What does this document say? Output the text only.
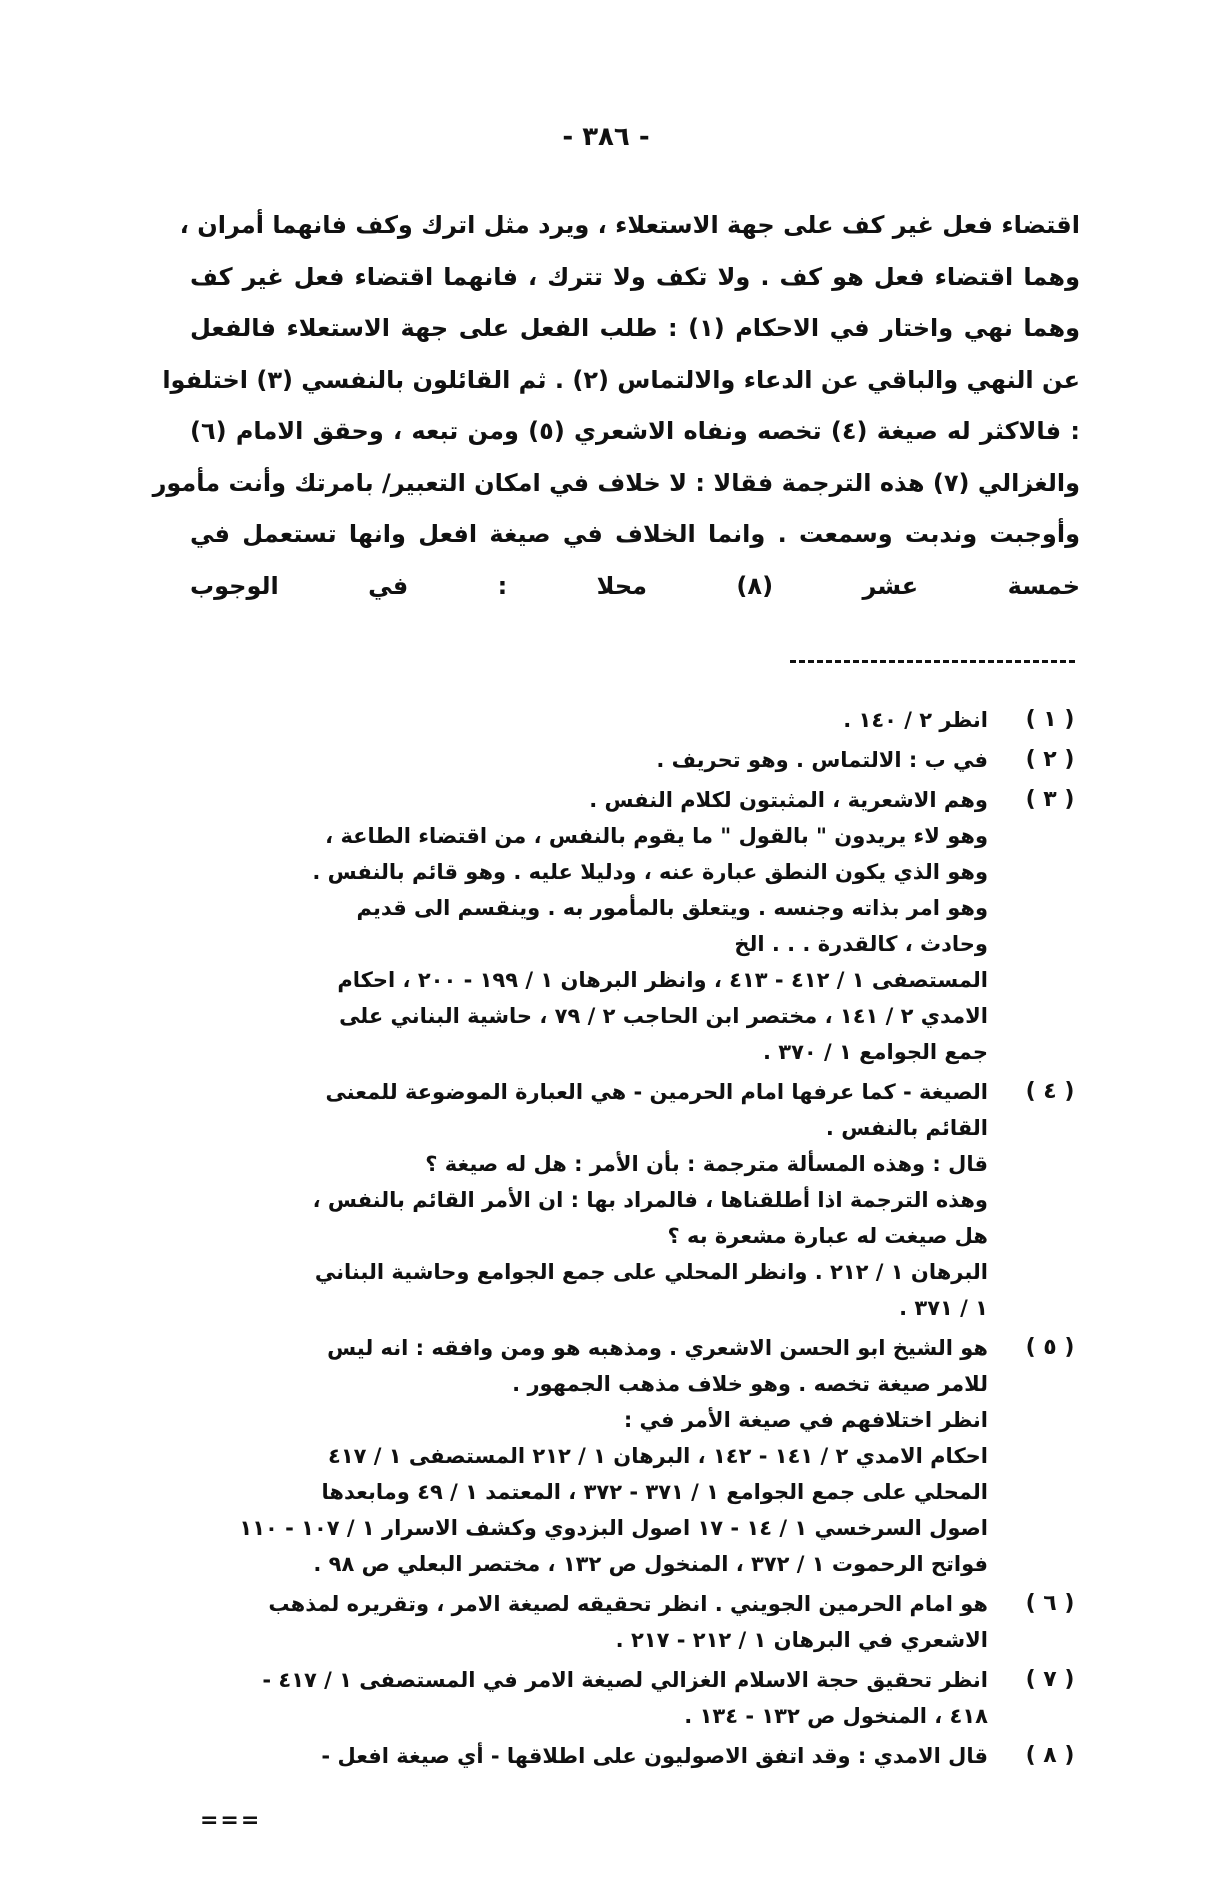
- ٣٨٦ -
اقتضاء فعل غير كف على جهة الاستعلاء ، ويرد مثل اترك وكف فانهما أمران ،
وهما اقتضاء فعل هو كف . ولا تكف ولا تترك ، فانهما اقتضاء فعل غير كف
وهما نهي واختار في الاحكام (١) : طلب الفعل على جهة الاستعلاء فالفعل
عن النهي والباقي عن الدعاء والالتماس (٢) . ثم القائلون بالنفسي (٣) اختلفوا
: فالاكثر له صيغة (٤) تخصه ونفاه الاشعري (٥) ومن تبعه ، وحقق الامام (٦)
والغزالي (٧) هذه الترجمة فقالا : لا خلاف في امكان التعبير/ بامرتك وأنت مأمور
وأوجبت وندبت وسمعت . وانما الخلاف في صيغة افعل وانها تستعمل في
خمسة عشر (٨) محلا : في الوجوب
( ١ )
انظر ٢ / ١٤٠ .
( ٢ )
في ب : الالتماس . وهو تحريف .
( ٣ )
وهم الاشعرية ، المثبتون لكلام النفس .
وهو لاء يريدون " بالقول " ما يقوم بالنفس ، من اقتضاء الطاعة ،
وهو الذي يكون النطق عبارة عنه ، ودليلا عليه . وهو قائم بالنفس .
وهو امر بذاته وجنسه . ويتعلق بالمأمور به . وينقسم الى قديم
وحادث ، كالقدرة . . . الخ
المستصفى ١ / ٤١٢ - ٤١٣ ، وانظر البرهان ١ / ١٩٩ - ٢٠٠ ، احكام
الامدي ٢ / ١٤١ ، مختصر ابن الحاجب ٢ / ٧٩ ، حاشية البناني على
جمع الجوامع ١ / ٣٧٠ .
( ٤ )
الصيغة - كما عرفها امام الحرمين - هي العبارة الموضوعة للمعنى
القائم بالنفس .
قال : وهذه المسألة مترجمة : بأن الأمر : هل له صيغة ؟
وهذه الترجمة اذا أطلقناها ، فالمراد بها : ان الأمر القائم بالنفس ،
هل صيغت له عبارة مشعرة به ؟
البرهان ١ / ٢١٢ . وانظر المحلي على جمع الجوامع وحاشية البناني
١ / ٣٧١ .
( ٥ )
هو الشيخ ابو الحسن الاشعري . ومذهبه هو ومن وافقه : انه ليس
للامر صيغة تخصه . وهو خلاف مذهب الجمهور .
انظر اختلافهم في صيغة الأمر في :
احكام الامدي ٢ / ١٤١ - ١٤٢ ، البرهان ١ / ٢١٢ المستصفى ١ / ٤١٧
المحلي على جمع الجوامع ١ / ٣٧١ - ٣٧٢ ، المعتمد ١ / ٤٩ ومابعدها
اصول السرخسي ١ / ١٤ - ١٧ اصول البزدوي وكشف الاسرار ١ / ١٠٧ - ١١٠
فواتح الرحموت ١ / ٣٧٢ ، المنخول ص ١٣٢ ، مختصر البعلي ص ٩٨ .
( ٦ )
هو امام الحرمين الجويني . انظر تحقيقه لصيغة الامر ، وتقريره لمذهب
الاشعري في البرهان ١ / ٢١٢ - ٢١٧ .
( ٧ )
انظر تحقيق حجة الاسلام الغزالي لصيغة الامر في المستصفى ١ / ٤١٧ -
٤١٨ ، المنخول ص ١٣٢ - ١٣٤ .
( ٨ )
قال الامدي : وقد اتفق الاصوليون على اطلاقها - أي صيغة افعل -
===
